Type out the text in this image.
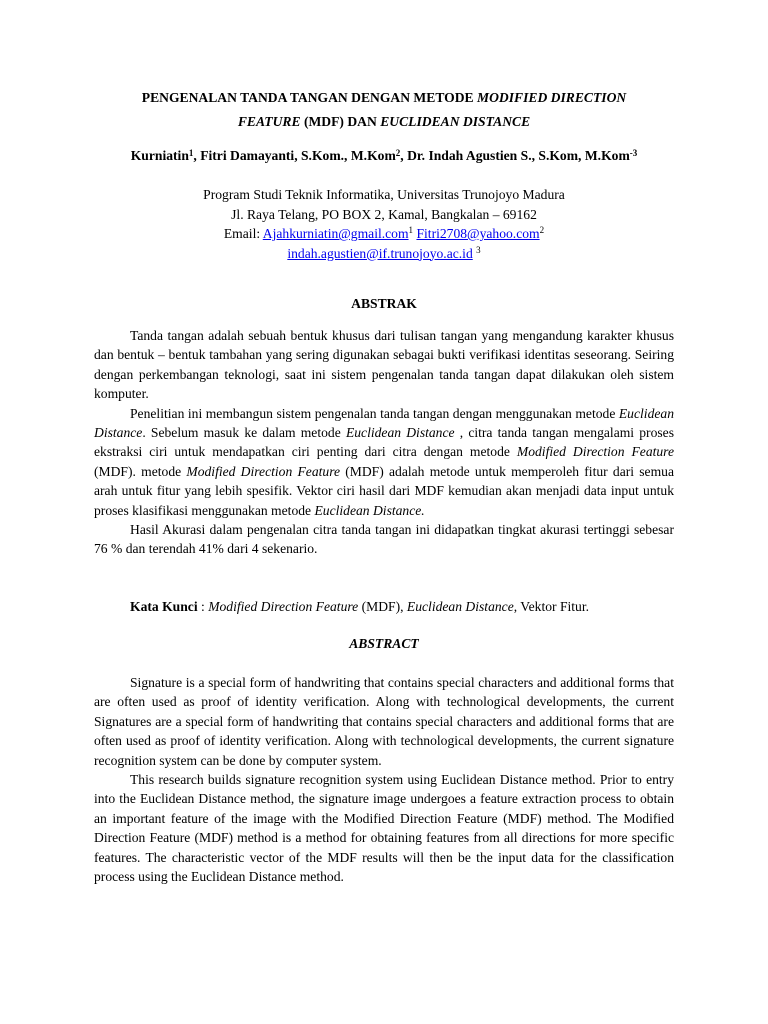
PENGENALAN TANDA TANGAN DENGAN METODE MODIFIED DIRECTION
FEATURE (MDF) DAN EUCLIDEAN DISTANCE
Kurniatin$^1$, Fitri Damayanti, S.Kom., M.Kom$^2$, Dr. Indah Agustien S., S.Kom, M.Kom$^{-3}$
Program Studi Teknik Informatika, Universitas Trunojoyo Madura
Jl. Raya Telang, PO BOX 2, Kamal, Bangkalan – 69162
Email: Ajahkurniatin@gmail.com$^1$ Fitri2708@yahoo.com$^2$
indah.agustien@if.trunojoyo.ac.id $^3$
ABSTRAK

Tanda tangan adalah sebuah bentuk khusus dari tulisan tangan yang mengandung karakter khusus dan bentuk – bentuk tambahan yang sering digunakan sebagai bukti verifikasi identitas seseorang. Seiring dengan perkembangan teknologi, saat ini sistem pengenalan tanda tangan dapat dilakukan oleh sistem komputer.

Penelitian ini membangun sistem pengenalan tanda tangan dengan menggunakan metode Euclidean Distance. Sebelum masuk ke dalam metode Euclidean Distance , citra tanda tangan mengalami proses ekstraksi ciri untuk mendapatkan ciri penting dari citra dengan metode Modified Direction Feature (MDF). metode Modified Direction Feature (MDF) adalah metode untuk memperoleh fitur dari semua arah untuk fitur yang lebih spesifik. Vektor ciri hasil dari MDF kemudian akan menjadi data input untuk proses klasifikasi menggunakan metode Euclidean Distance.

Hasil Akurasi dalam pengenalan citra tanda tangan ini didapatkan tingkat akurasi tertinggi sebesar 76 % dan terendah 41% dari 4 sekenario.

Kata Kunci : Modified Direction Feature (MDF), Euclidean Distance, Vektor Fitur.
ABSTRACT

Signature is a special form of handwriting that contains special characters and additional forms that are often used as proof of identity verification. Along with technological developments, the current Signatures are a special form of handwriting that contains special characters and additional forms that are often used as proof of identity verification. Along with technological developments, the current signature recognition system can be done by computer system.

This research builds signature recognition system using Euclidean Distance method. Prior to entry into the Euclidean Distance method, the signature image undergoes a feature extraction process to obtain an important feature of the image with the Modified Direction Feature (MDF) method. The Modified Direction Feature (MDF) method is a method for obtaining features from all directions for more specific features. The characteristic vector of the MDF results will then be the input data for the classification process using the Euclidean Distance method.
